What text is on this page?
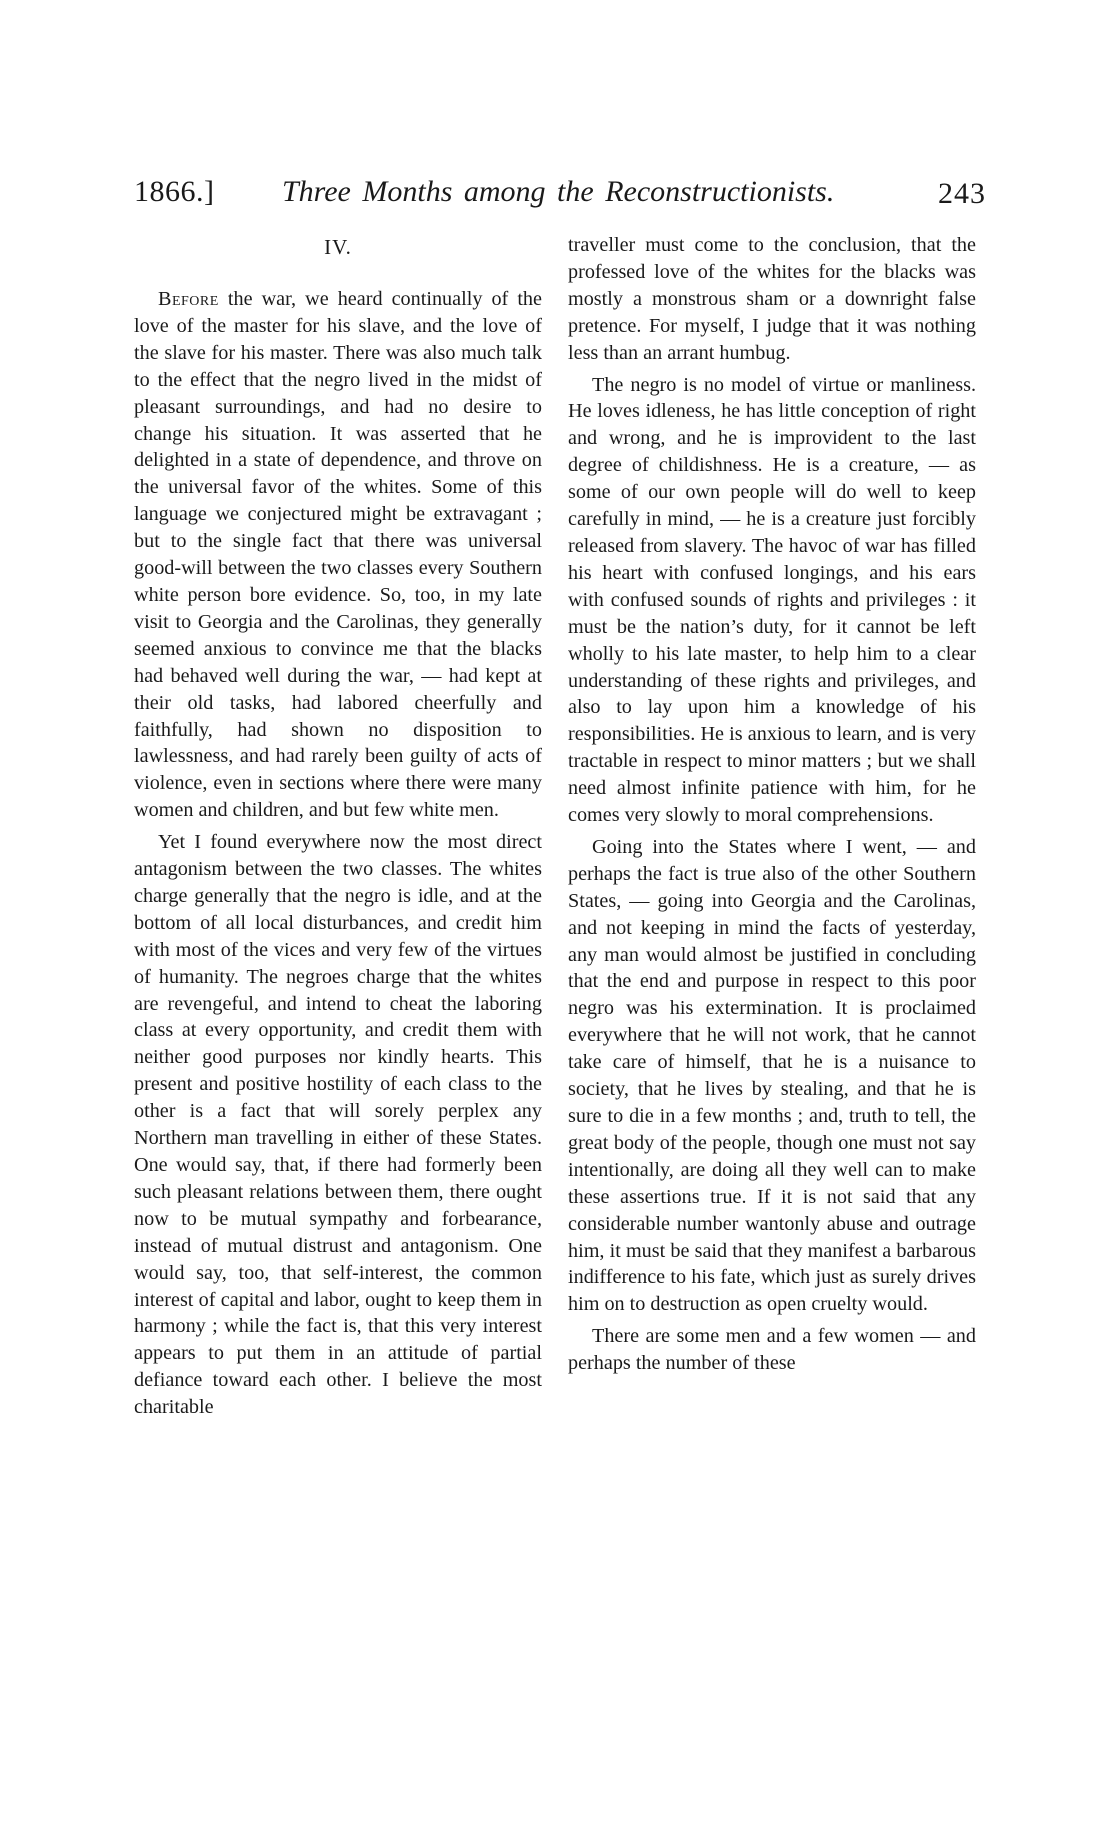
1866.] Three Months among the Reconstructionists.	243
IV.

Before the war, we heard continually of the love of the master for his slave, and the love of the slave for his master. There was also much talk to the effect that the negro lived in the midst of pleasant surroundings, and had no desire to change his situation. It was asserted that he delighted in a state of dependence, and throve on the universal favor of the whites. Some of this language we conjectured might be extravagant ; but to the single fact that there was universal good-will between the two classes every Southern white person bore evidence. So, too, in my late visit to Georgia and the Carolinas, they generally seemed anxious to convince me that the blacks had behaved well during the war, — had kept at their old tasks, had labored cheerfully and faithfully, had shown no disposition to lawlessness, and had rarely been guilty of acts of violence, even in sections where there were many women and children, and but few white men.

Yet I found everywhere now the most direct antagonism between the two classes. The whites charge generally that the negro is idle, and at the bottom of all local disturbances, and credit him with most of the vices and very few of the virtues of humanity. The negroes charge that the whites are revengeful, and intend to cheat the laboring class at every opportunity, and credit them with neither good purposes nor kindly hearts. This present and positive hostility of each class to the other is a fact that will sorely perplex any Northern man travelling in either of these States. One would say, that, if there had formerly been such pleasant relations between them, there ought now to be mutual sympathy and forbearance, instead of mutual distrust and antagonism. One would say, too, that self-interest, the common interest of capital and labor, ought to keep them in harmony ; while the fact is, that this very interest appears to put them in an attitude of partial defiance toward each other. I believe the most charitable

traveller must come to the conclusion, that the professed love of the whites for the blacks was mostly a monstrous sham or a downright false pretence. For myself, I judge that it was nothing less than an arrant humbug.

The negro is no model of virtue or manliness. He loves idleness, he has little conception of right and wrong, and he is improvident to the last degree of childishness. He is a creature, — as some of our own people will do well to keep carefully in mind, — he is a creature just forcibly released from slavery. The havoc of war has filled his heart with confused longings, and his ears with confused sounds of rights and privileges : it must be the nation’s duty, for it cannot be left wholly to his late master, to help him to a clear understanding of these rights and privileges, and also to lay upon him a knowledge of his responsibilities. He is anxious to learn, and is very tractable in respect to minor matters ; but we shall need almost infinite patience with him, for he comes very slowly to moral comprehensions.

Going into the States where I went, — and perhaps the fact is true also of the other Southern States, — going into Georgia and the Carolinas, and not keeping in mind the facts of yesterday, any man would almost be justified in concluding that the end and purpose in respect to this poor negro was his extermination. It is proclaimed everywhere that he will not work, that he cannot take care of himself, that he is a nuisance to society, that he lives by stealing, and that he is sure to die in a few months ; and, truth to tell, the great body of the people, though one must not say intentionally, are doing all they well can to make these assertions true. If it is not said that any considerable number wantonly abuse and outrage him, it must be said that they manifest a barbarous indifference to his fate, which just as surely drives him on to destruction as open cruelty would.

There are some men and a few women — and perhaps the number of these
